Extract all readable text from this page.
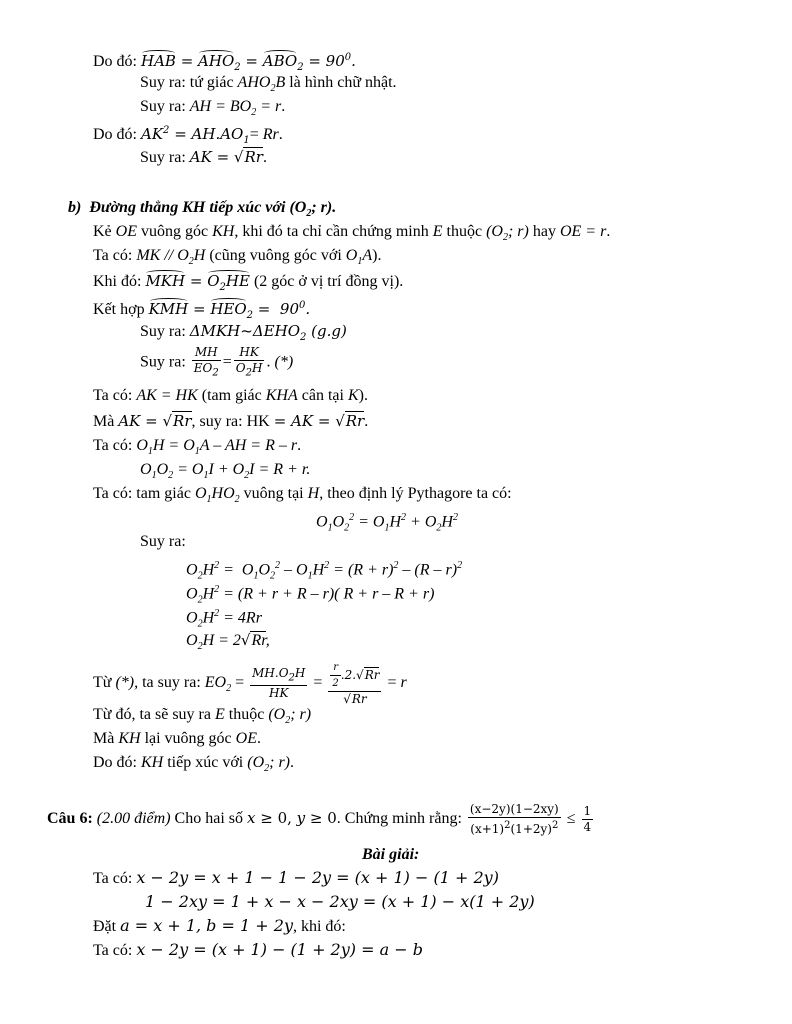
Do đó: HAB = $AHO_2 = ABO_2 = 90^0$.
Suy ra: tứ giác $AHO_2B$ là hình chữ nhật.
Suy ra: AH = $BO_2 = r$.
Do đó: $AK^2 = AH.AO_1= Rr$.
Suy ra: AK = √Rr.
b)  Đường thẳng KH tiếp xúc với ($O_2$; r).
Kẻ OE vuông góc KH, khi đó ta chỉ cần chứng minh E thuộc ($O_2$; r) hay OE = r.
Ta có: MK // $O_2H$ (cũng vuông góc với $O_1A$).
Khi đó: MKH = $O_2HE$ (2 góc ở vị trí đồng vị).
Kết hợp KMH = $HEO_2 = 90^0$.
Suy ra: $\Delta MKH\sim\Delta EHO_2$ (g.g)
Suy ra: $\frac{MH}{EO_2} = \frac{HK}{O_2H}$ . (*)
Ta có: AK = HK (tam giác KHA cân tại K).
Mà AK = √Rr, suy ra: HK = AK = √Rr.
Ta có: $O_1H = O_1A$ – AH = R – r.
$O_1O_2 = O_1I + O_2I = R + r$.
Ta có: tam giác $O_1HO_2$ vuông tại H, theo định lý Pythagore ta có:
$O_1O_2^2 = O_1H^2 + O_2H^2$
Suy ra:
$O_2H^2 = O_1O_2^2 - O_1H^2 = (R + r)^2 - (R - r)^2$
$O_2H^2 = (R + r + R - r)$( R + r – R + r)
$O_2H^2 = 4Rr$
$O_2H = 2√Rr$,
Từ (*), ta suy ra: $EO_2 = \frac{MH.O_2H}{HK} = \frac{\frac{r}{2} .2.√Rr}{√Rr} = r$
Từ đó, ta sẽ suy ra E thuộc ($O_2$; r)
Mà KH lại vuông góc OE.
Do đó: KH tiếp xúc với ($O_2$; r).
Câu 6: (2.00 điểm) Cho hai số x ≥ 0, y ≥ 0. Chứng minh rằng: $\frac{(x-2y)(1-2xy)}{(x+1)^2(1+2y)^2} \le \frac{1}{4}$
Bài giải:
Ta có: x − 2y = x + 1 − 1 − 2y = (x + 1) − (1 + 2y)
1 − 2xy = 1 + x − x − 2xy = (x + 1) − x(1 + 2y)
Đặt a = x + 1, b = 1 + 2y, khi đó:
Ta có: x − 2y = (x + 1) − (1 + 2y) = a − b
